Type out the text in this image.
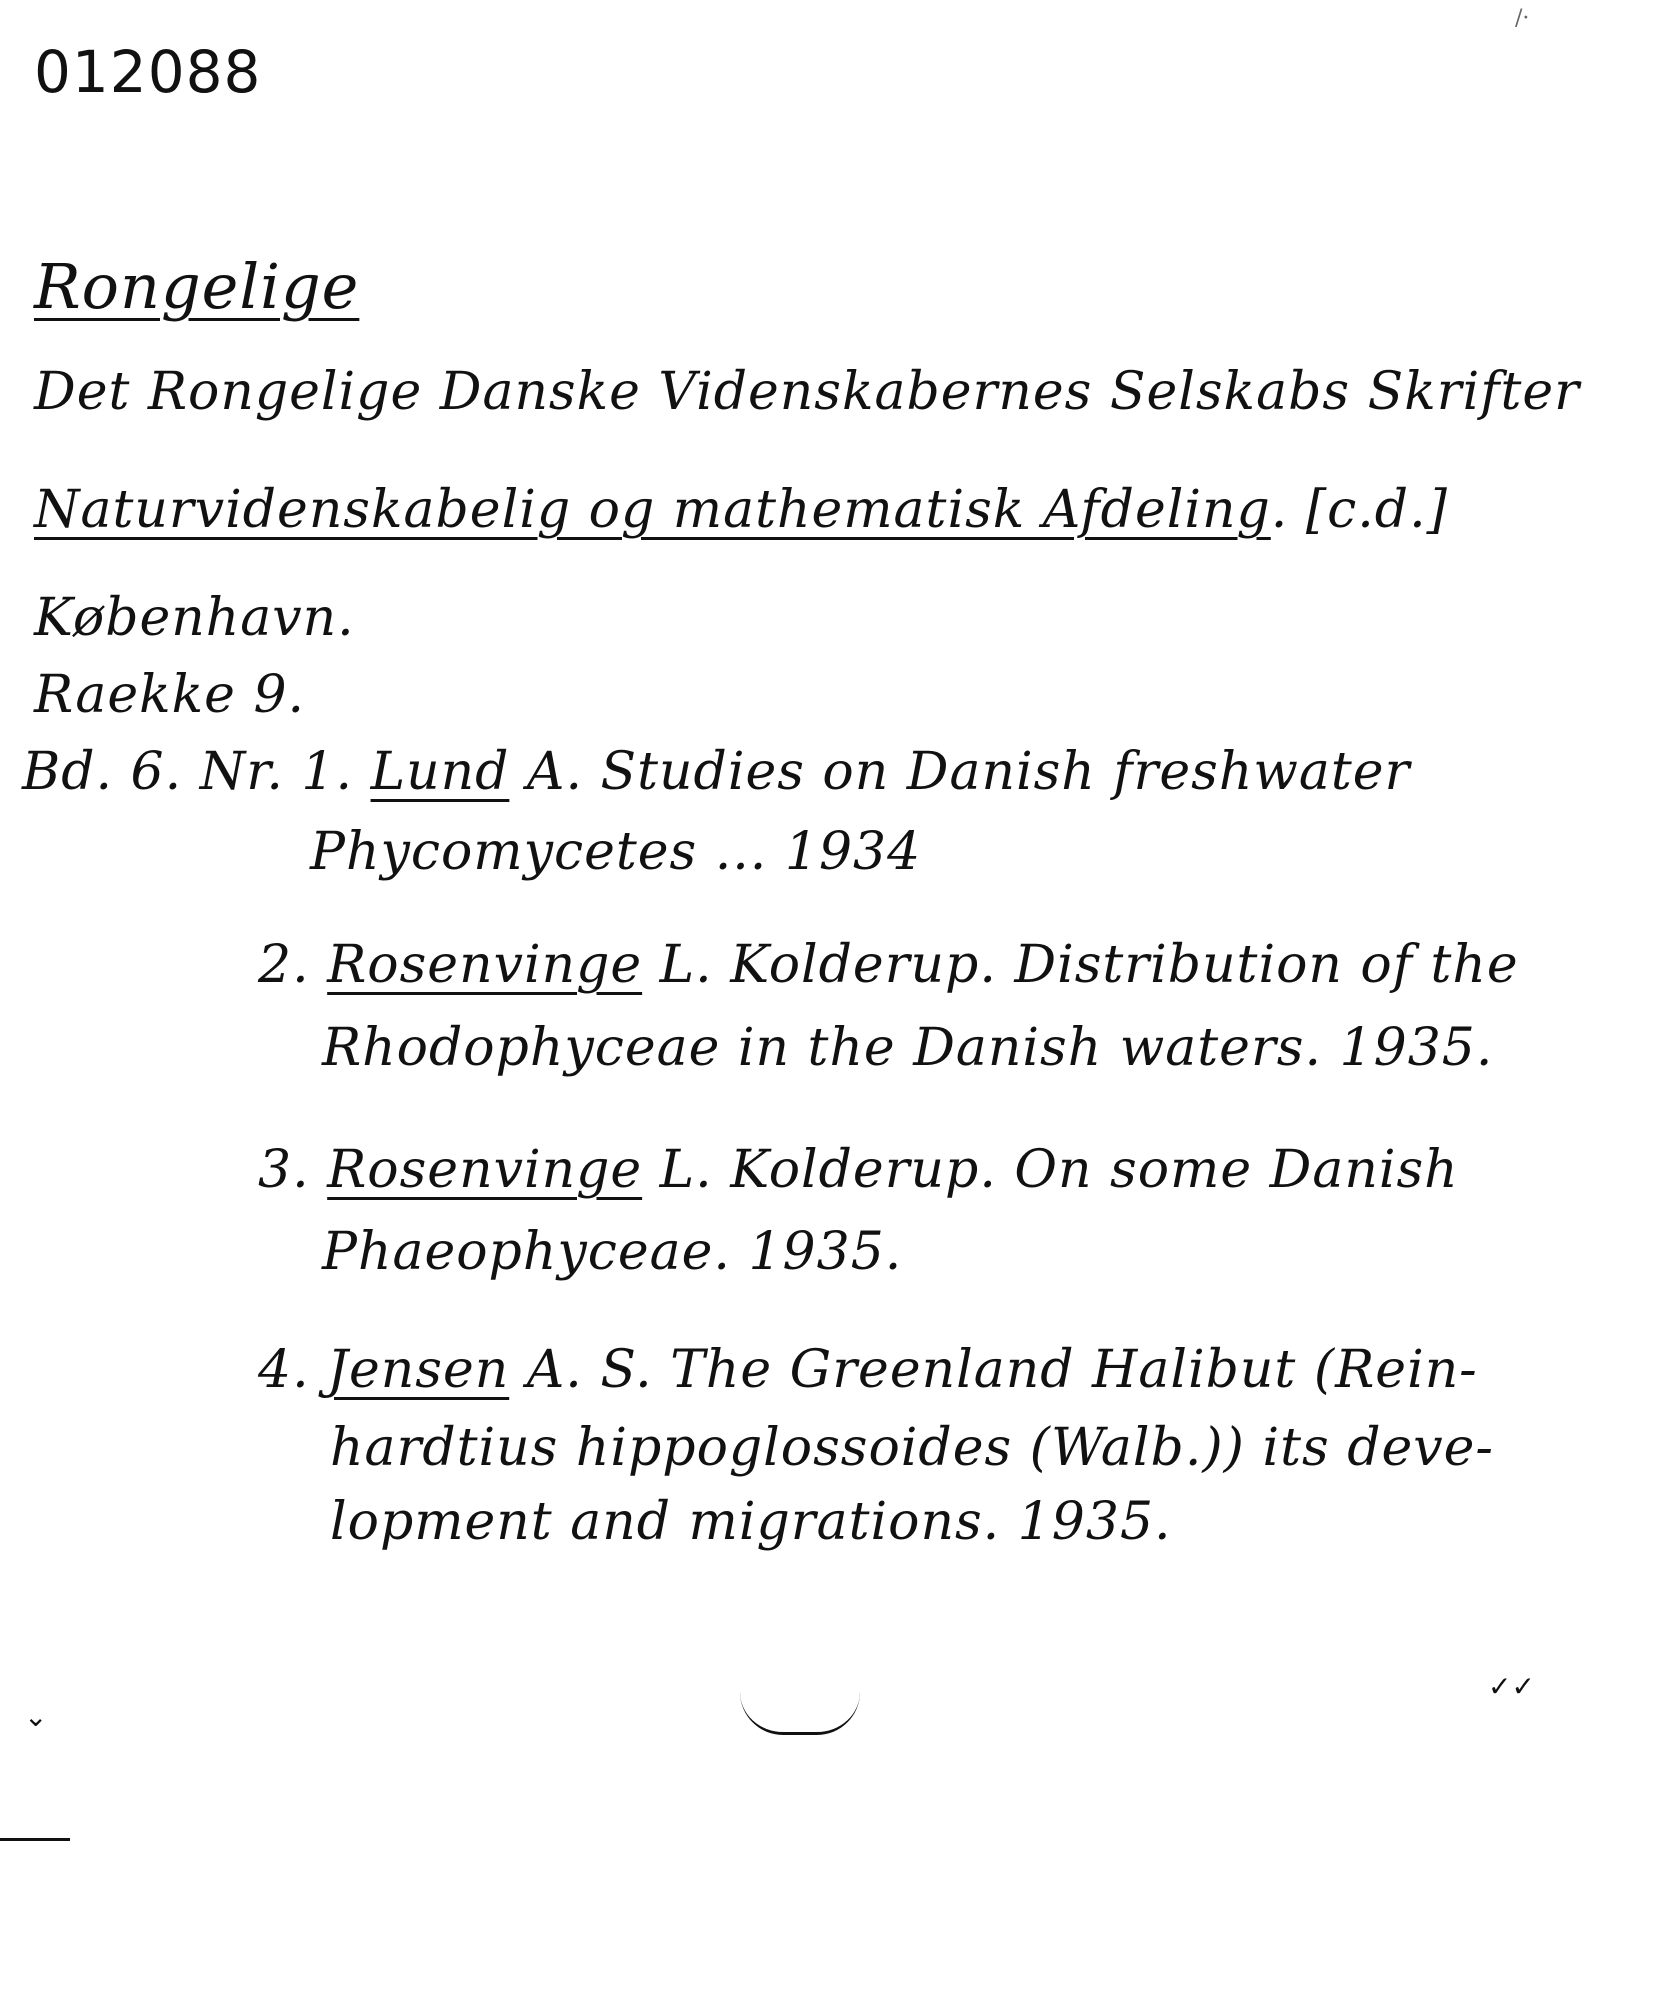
012088
Rongelige
Det Rongelige Danske Videnskabernes Selskabs Skrifter
Naturvidenskabelig og mathematisk Afdeling. [c.d.]
København.
Raekke 9.
Bd. 6. Nr. 1. Lund A. Studies on Danish freshwater
Phycomycetes ... 1934
2. Rosenvinge L. Kolderup. Distribution of the
Rhodophyceae in the Danish waters. 1935.
3. Rosenvinge L. Kolderup. On some Danish
Phaeophyceae. 1935.
4. Jensen A. S. The Greenland Halibut (Rein-
hardtius hippoglossoides (Walb.)) its deve-
lopment and migrations. 1935.
✓✓
⌄
/·
